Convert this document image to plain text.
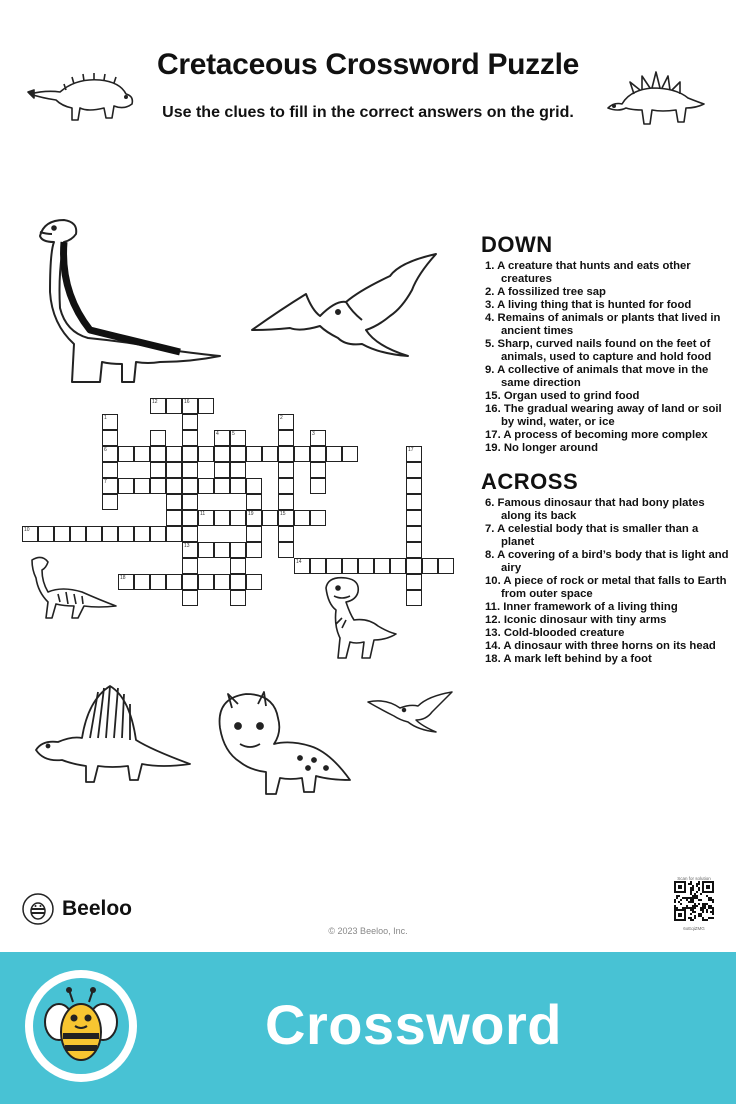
Cretaceous Crossword Puzzle
Use the clues to fill in the correct answers on the grid.
12	16
13
1
6
7
2
15
3
5
4
17
19
11
10
14
18
DOWN

1. A creature that hunts and eats other creatures

2. A fossilized tree sap

3. A living thing that is hunted for food

4. Remains of animals or plants that lived in ancient times

5. Sharp, curved nails found on the feet of animals, used to capture and hold food

9. A collective of animals that move in the same direction

15. Organ used to grind food

16. The gradual wearing away of land or soil by wind, water, or ice

17. A process of becoming more complex

19. No longer around

ACROSS

6. Famous dinosaur that had bony plates along its back

7. A celestial body that is smaller than a planet

8. A covering of a bird’s body that is light and airy

10. A piece of rock or metal that falls to Earth from outer space

11. Inner framework of a living thing

12. Iconic dinosaur with tiny arms

13. Cold-blooded creature

14. A dinosaur with three horns on its head

18. A mark left behind by a foot

Beeloo
© 2023 Beeloo, Inc.
Scan for solution
6oEqiZMG
Crossword
